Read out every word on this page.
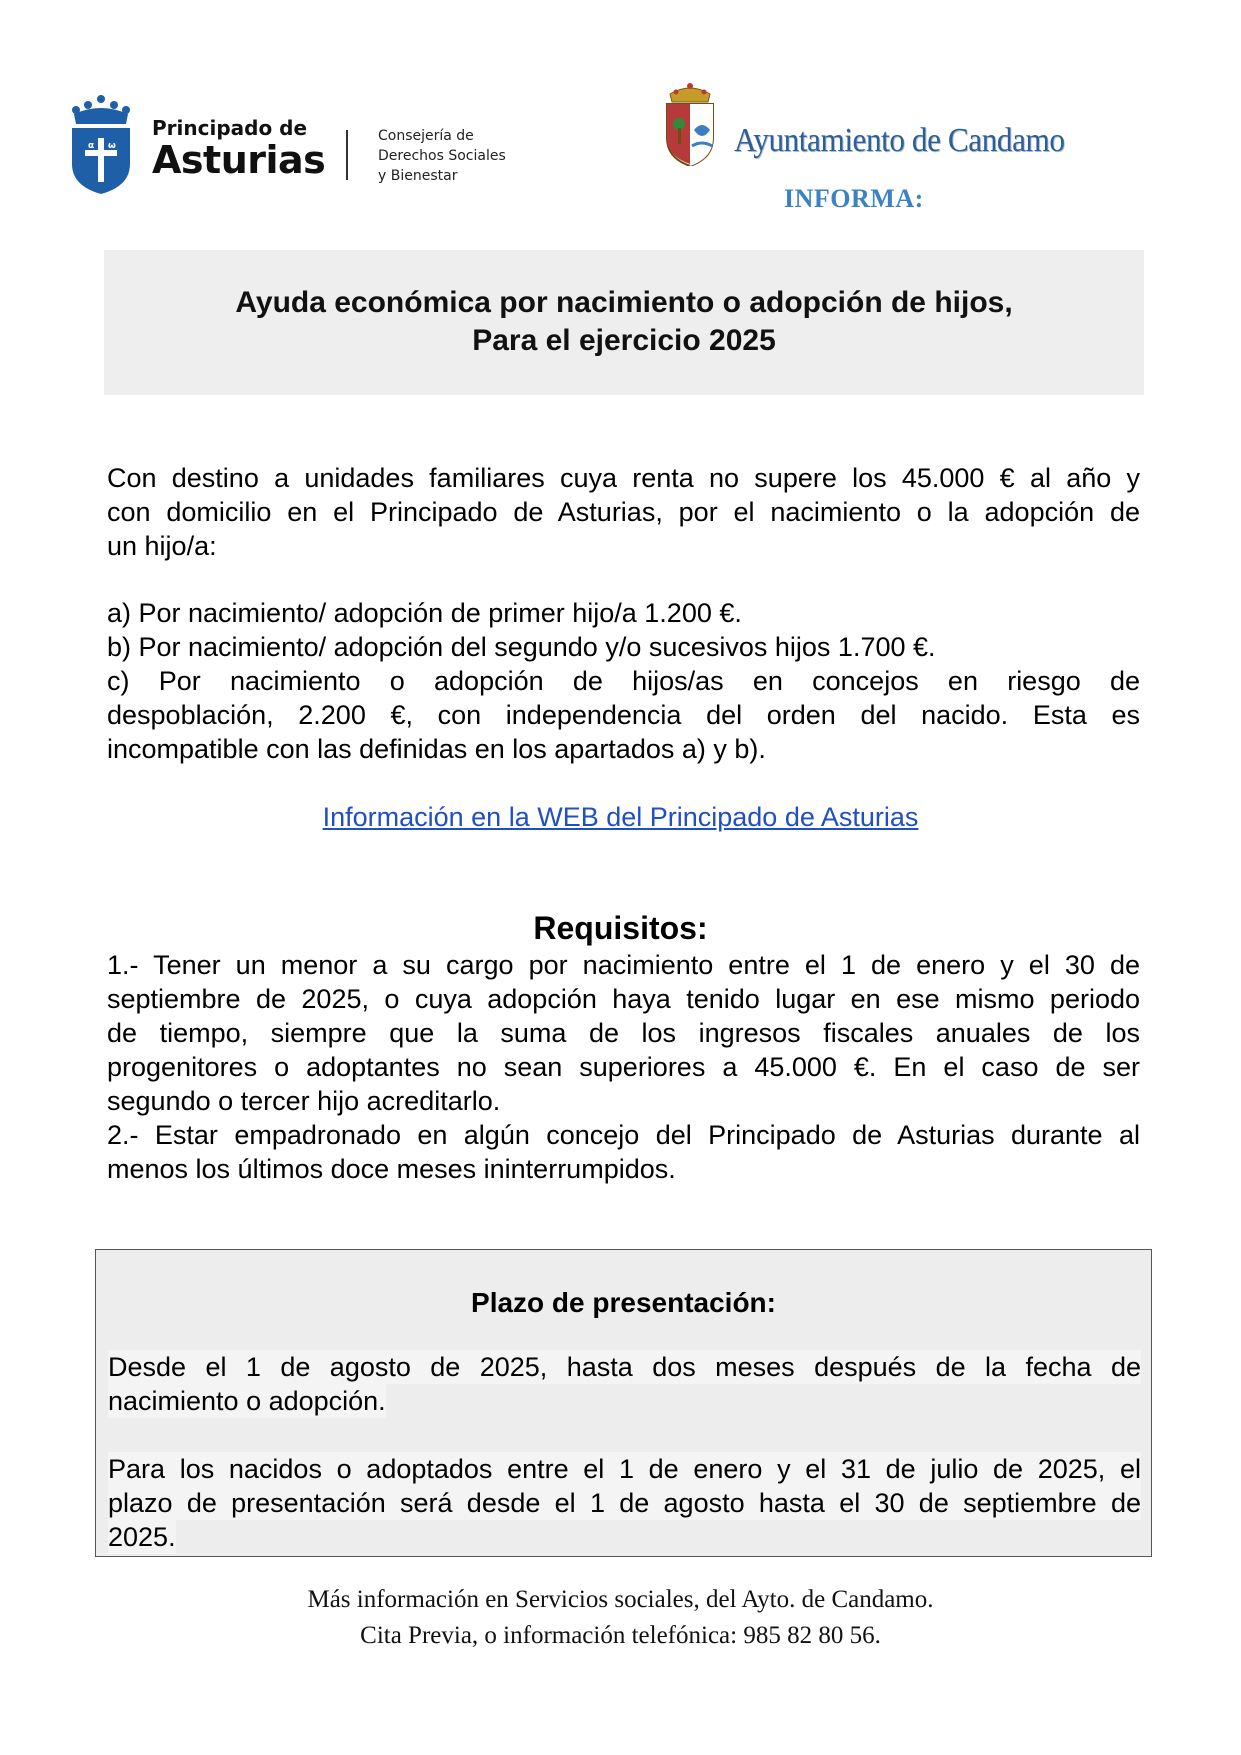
α ω
Principado de
Asturias
Consejería de
Derechos Sociales
y Bienestar
Ayuntamiento de Candamo
INFORMA:
Ayuda económica por nacimiento o adopción de hijos,
Para el ejercicio 2025
Con destino a unidades familiares cuya renta no supere los 45.000 € al año y
con domicilio en el Principado de Asturias, por el nacimiento o la adopción de
un hijo/a:
a) Por nacimiento/ adopción de primer hijo/a 1.200 €.
b) Por nacimiento/ adopción del segundo y/o sucesivos hijos 1.700 €.
c) Por nacimiento o adopción de hijos/as en concejos en riesgo de
despoblación, 2.200 €, con independencia del orden del nacido. Esta es
incompatible con las definidas en los apartados a) y b).
Información en la WEB del Principado de Asturias
Requisitos:
1.- Tener un menor a su cargo por nacimiento entre el 1 de enero y el 30 de
septiembre de 2025, o cuya adopción haya tenido lugar en ese mismo periodo
de tiempo, siempre que la suma de los ingresos fiscales anuales de los
progenitores o adoptantes no sean superiores a 45.000 €. En el caso de ser
segundo o tercer hijo acreditarlo.
2.- Estar empadronado en algún concejo del Principado de Asturias durante al
menos los últimos doce meses ininterrumpidos.
Plazo de presentación:
Desde el 1 de agosto de 2025, hasta dos meses después de la fecha de
nacimiento o adopción.
Para los nacidos o adoptados entre el 1 de enero y el 31 de julio de 2025, el
plazo de presentación será desde el 1 de agosto hasta el 30 de septiembre de
2025.
Más información en Servicios sociales, del Ayto. de Candamo.
Cita Previa, o información telefónica: 985 82 80 56.
